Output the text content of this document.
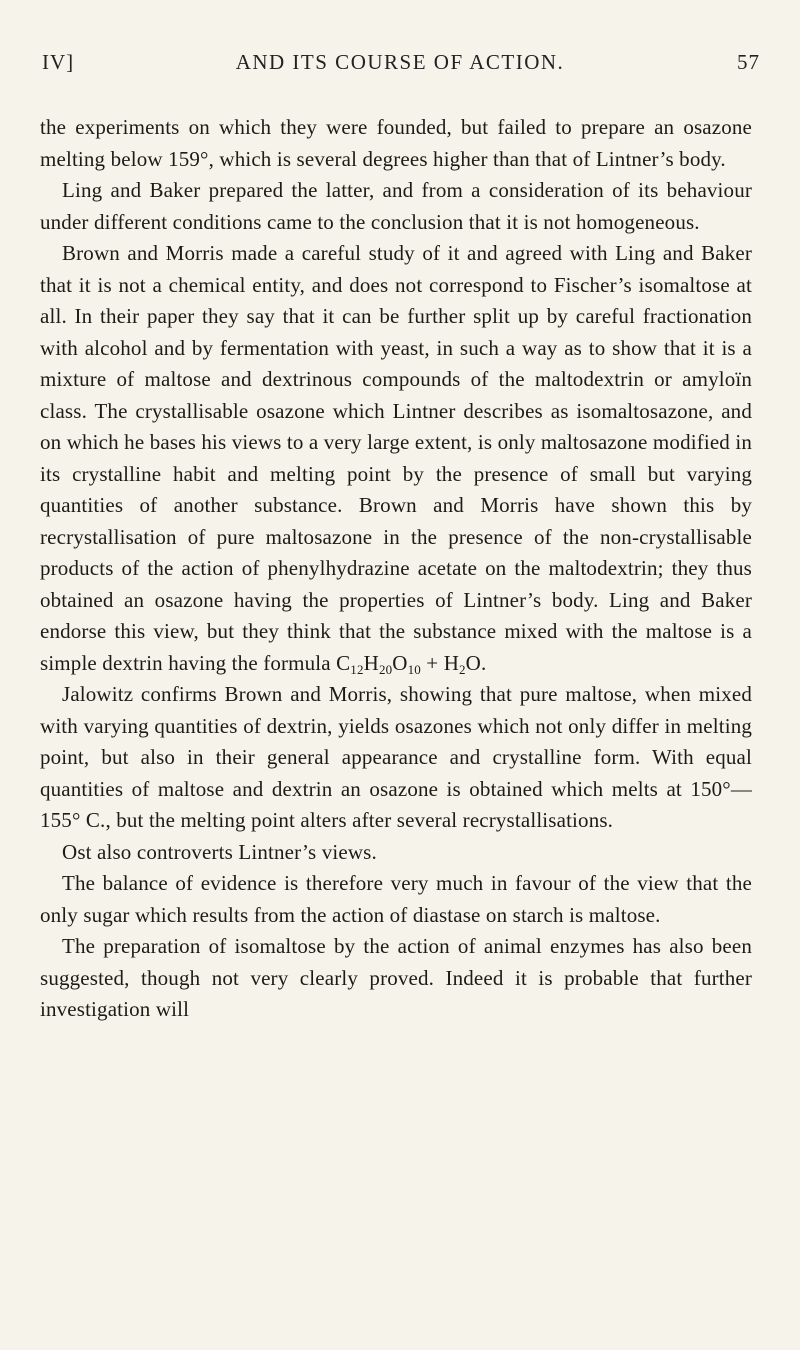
IV]	AND ITS COURSE OF ACTION.	57

the experiments on which they were founded, but failed to prepare an osazone melting below 159°, which is several degrees higher than that of Lintner’s body.

Ling and Baker prepared the latter, and from a consideration of its behaviour under different conditions came to the conclusion that it is not homogeneous.

Brown and Morris made a careful study of it and agreed with Ling and Baker that it is not a chemical entity, and does not correspond to Fischer’s isomaltose at all. In their paper they say that it can be further split up by careful fractionation with alcohol and by fermentation with yeast, in such a way as to show that it is a mixture of maltose and dextrinous compounds of the maltodextrin or amyloïn class. The crystallisable osazone which Lintner describes as isomaltosazone, and on which he bases his views to a very large extent, is only maltosazone modified in its crystalline habit and melting point by the presence of small but varying quantities of another substance. Brown and Morris have shown this by recrystallisation of pure maltosazone in the presence of the non-crystallisable products of the action of phenylhydrazine acetate on the maltodextrin; they thus obtained an osazone having the properties of Lintner’s body. Ling and Baker endorse this view, but they think that the substance mixed with the maltose is a simple dextrin having the formula $C_{12}H_{20}O_{10} + H_2O$.

Jalowitz confirms Brown and Morris, showing that pure maltose, when mixed with varying quantities of dextrin, yields osazones which not only differ in melting point, but also in their general appearance and crystalline form. With equal quantities of maltose and dextrin an osazone is obtained which melts at 150°—155° C., but the melting point alters after several recrystallisations.

Ost also controverts Lintner’s views.

The balance of evidence is therefore very much in favour of the view that the only sugar which results from the action of diastase on starch is maltose.

The preparation of isomaltose by the action of animal enzymes has also been suggested, though not very clearly proved. Indeed it is probable that further investigation will
